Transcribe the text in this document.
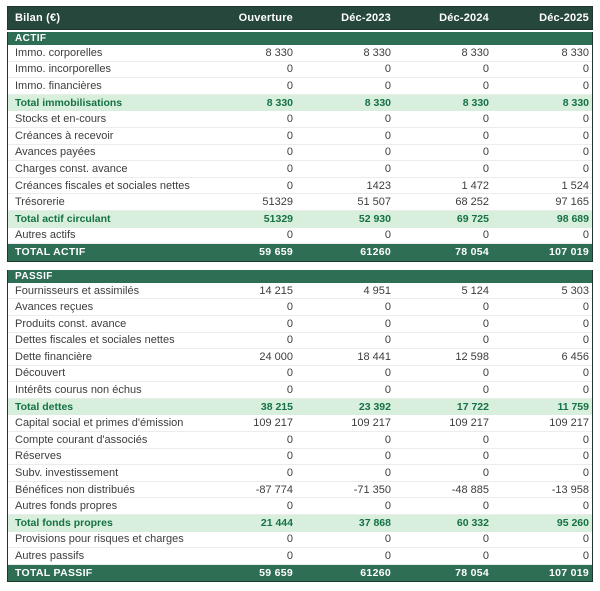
Bilan (€)	Ouverture	Déc-2023	Déc-2024	Déc-2025
ACTIF
Immo. corporelles	8 330	8 330	8 330	8 330
Immo. incorporelles	0	0	0	0
Immo. financières	0	0	0	0
Total immobilisations	8 330	8 330	8 330	8 330
Stocks et en-cours	0	0	0	0
Créances à recevoir	0	0	0	0
Avances payées	0	0	0	0
Charges const. avance	0	0	0	0
Créances fiscales et sociales nettes	0	1423	1 472	1 524
Trésorerie	51329	51 507	68 252	97 165
Total actif circulant	51329	52 930	69 725	98 689
Autres actifs	0	0	0	0
TOTAL ACTIF	59 659	61260	78 054	107 019
PASSIF
Fournisseurs et assimilés	14 215	4 951	5 124	5 303
Avances reçues	0	0	0	0
Produits const. avance	0	0	0	0
Dettes fiscales et sociales nettes	0	0	0	0
Dette financière	24 000	18 441	12 598	6 456
Découvert	0	0	0	0
Intérêts courus non échus	0	0	0	0
Total dettes	38 215	23 392	17 722	11 759
Capital social et primes d'émission	109 217	109 217	109 217	109 217
Compte courant d'associés	0	0	0	0
Réserves	0	0	0	0
Subv. investissement	0	0	0	0
Bénéfices non distribués	-87 774	-71 350	-48 885	-13 958
Autres fonds propres	0	0	0	0
Total fonds propres	21 444	37 868	60 332	95 260
Provisions pour risques et charges	0	0	0	0
Autres passifs	0	0	0	0
TOTAL PASSIF	59 659	61260	78 054	107 019
